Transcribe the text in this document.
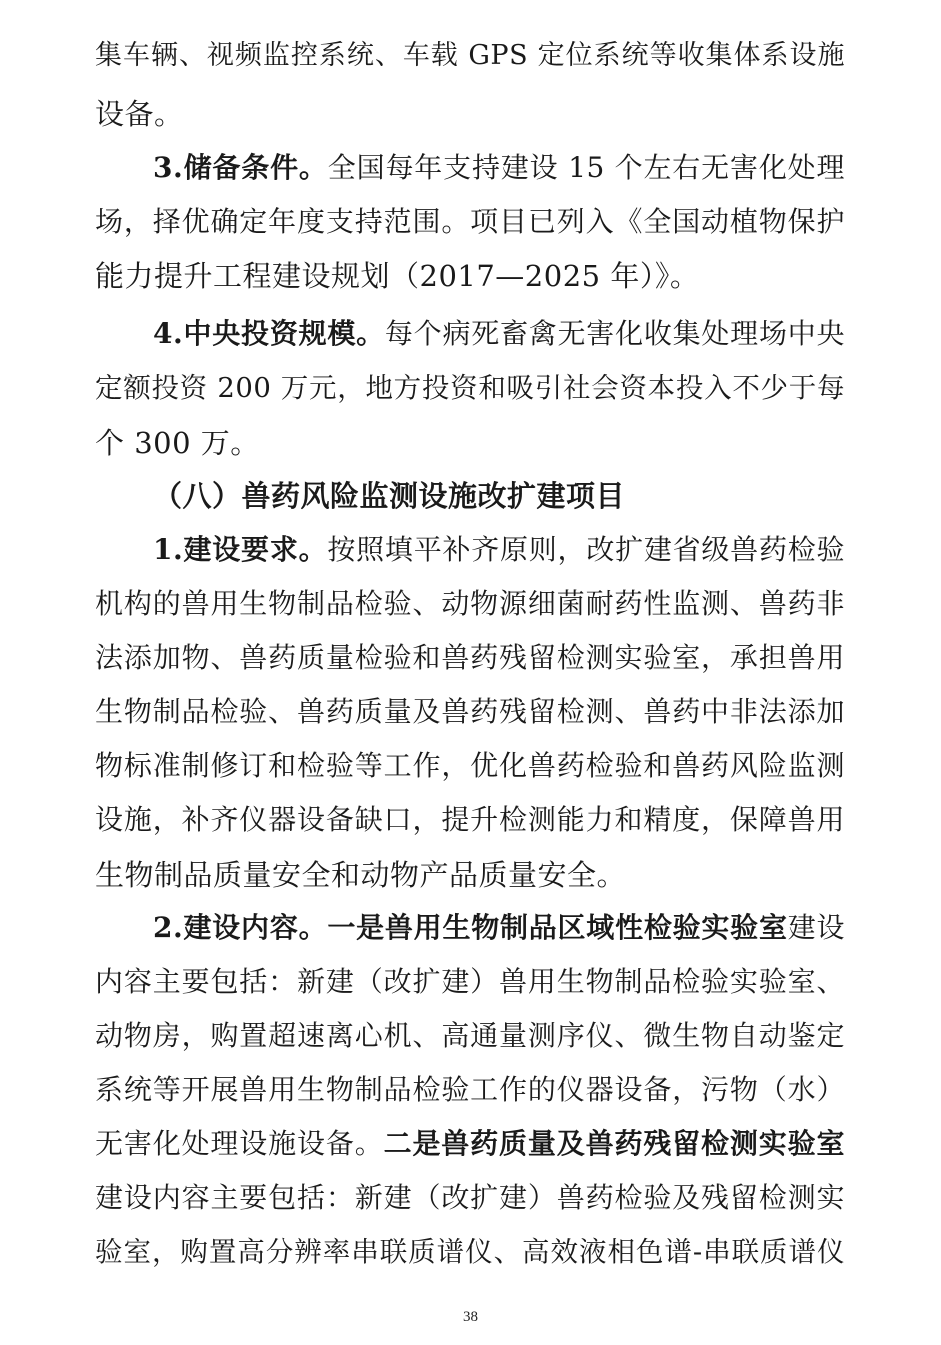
集车辆、视频监控系统、车载 GPS 定位系统等收集体系设施
设备。
3.储备条件。全国每年支持建设 15 个左右无害化处理
场，择优确定年度支持范围。项目已列入《全国动植物保护
能力提升工程建设规划（2017—2025 年）》。
4.中央投资规模。每个病死畜禽无害化收集处理场中央
定额投资 200 万元，地方投资和吸引社会资本投入不少于每
个 300 万。
（八）兽药风险监测设施改扩建项目
1.建设要求。按照填平补齐原则，改扩建省级兽药检验
机构的兽用生物制品检验、动物源细菌耐药性监测、兽药非
法添加物、兽药质量检验和兽药残留检测实验室，承担兽用
生物制品检验、兽药质量及兽药残留检测、兽药中非法添加
物标准制修订和检验等工作，优化兽药检验和兽药风险监测
设施，补齐仪器设备缺口，提升检测能力和精度，保障兽用
生物制品质量安全和动物产品质量安全。
2.建设内容。一是兽用生物制品区域性检验实验室建设
内容主要包括：新建（改扩建）兽用生物制品检验实验室、
动物房，购置超速离心机、高通量测序仪、微生物自动鉴定
系统等开展兽用生物制品检验工作的仪器设备，污物（水）
无害化处理设施设备。二是兽药质量及兽药残留检测实验室
建设内容主要包括：新建（改扩建）兽药检验及残留检测实
验室，购置高分辨率串联质谱仪、高效液相色谱-串联质谱仪
38
